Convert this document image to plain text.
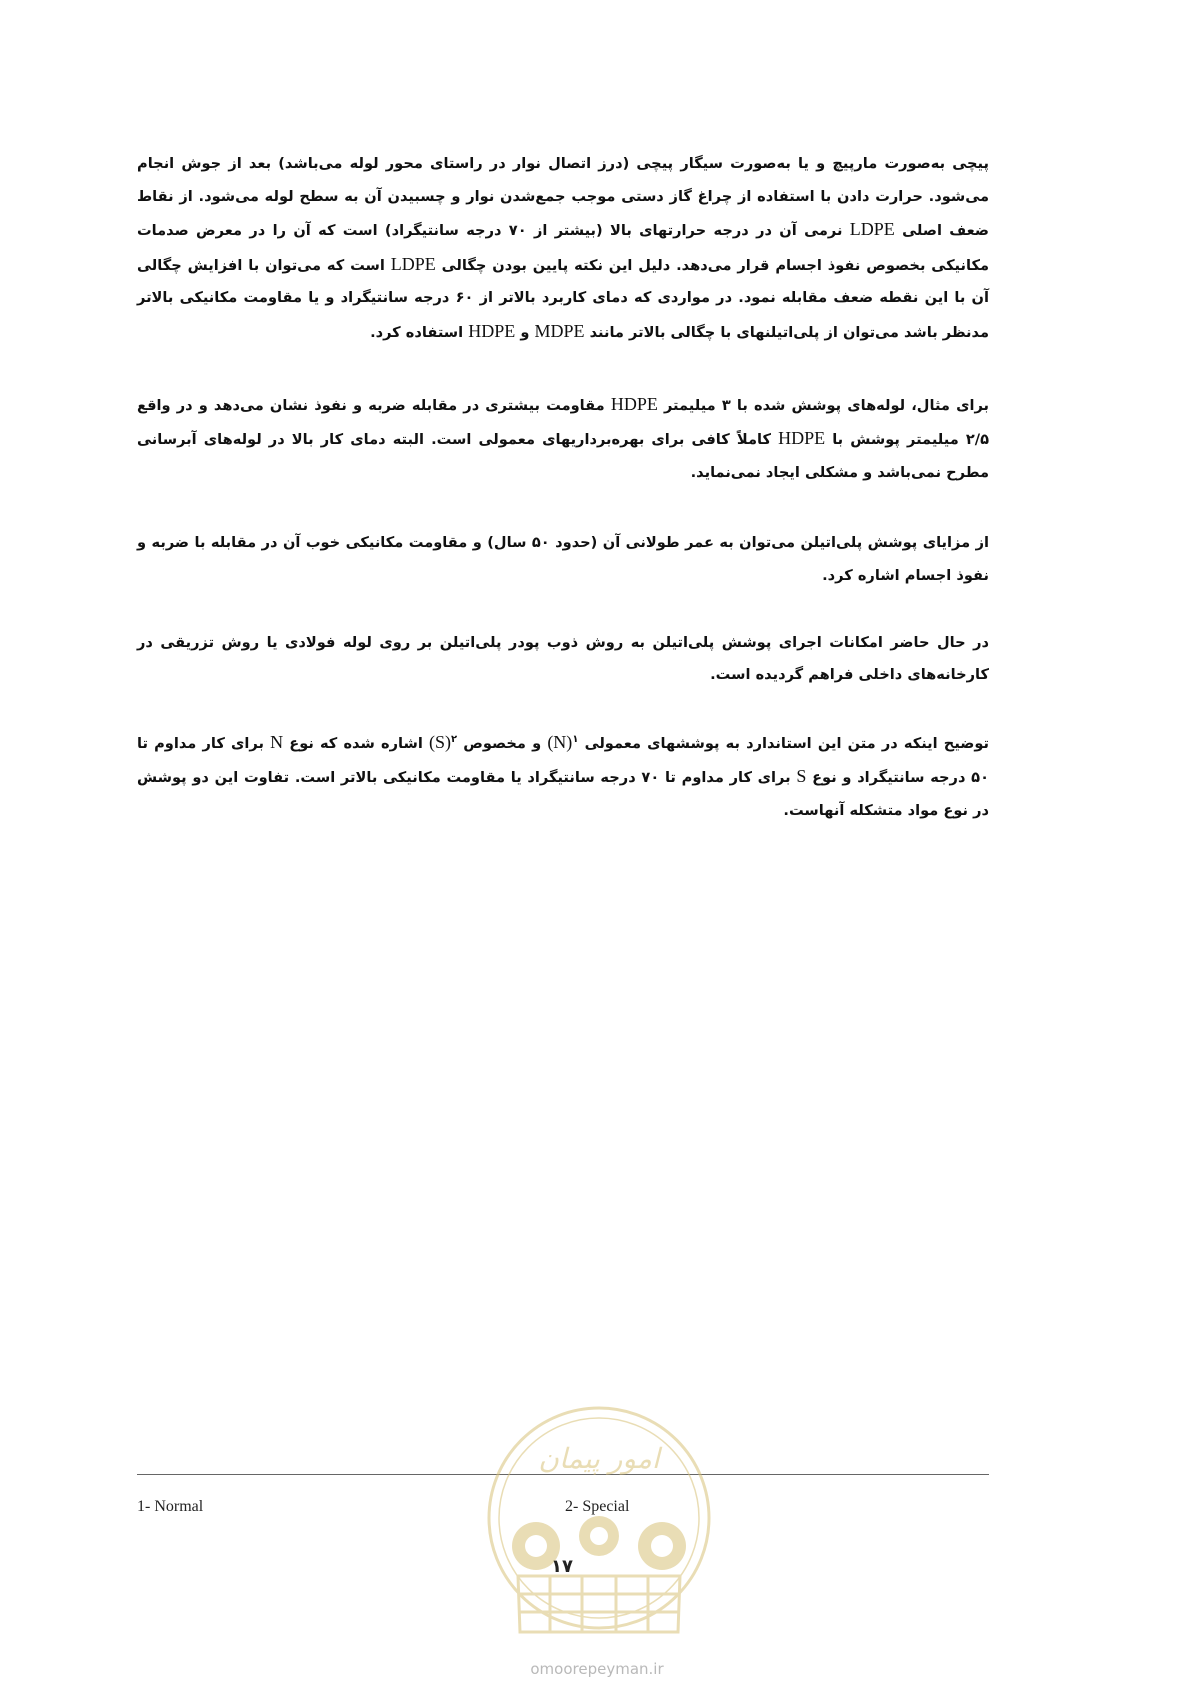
پیچی به‌صورت مارپیچ و یا به‌صورت سیگار پیچی (درز اتصال نوار در راستای محور لوله می‌باشد) بعد از جوش انجام می‌شود. حرارت دادن با استفاده از چراغ گاز دستی موجب جمع‌شدن نوار و چسبیدن آن به سطح لوله می‌شود. از نقاط ضعف اصلی LDPE نرمی آن در درجه حرارتهای بالا (بیشتر از ۷۰ درجه سانتیگراد) است که آن را در معرض صدمات مکانیکی بخصوص نفوذ اجسام قرار می‌دهد. دلیل این نکته پایین بودن چگالی LDPE است که می‌توان با افزایش چگالی آن با این نقطه ضعف مقابله نمود. در مواردی که دمای کاربرد بالاتر از ۶۰ درجه سانتیگراد و یا مقاومت مکانیکی بالاتر مدنظر باشد می‌توان از پلی‌اتیلنهای با چگالی بالاتر مانند MDPE و HDPE استفاده کرد.

برای مثال، لوله‌های پوشش شده با ۳ میلیمتر HDPE مقاومت بیشتری در مقابله ضربه و نفوذ نشان می‌دهد و در واقع ۲/۵ میلیمتر پوشش با HDPE کاملاً کافی برای بهره‌برداریهای معمولی است. البته دمای کار بالا در لوله‌های آبرسانی مطرح نمی‌باشد و مشکلی ایجاد نمی‌نماید.

از مزایای پوشش پلی‌اتیلن می‌توان به عمر طولانی آن (حدود ۵۰ سال) و مقاومت مکانیکی خوب آن در مقابله با ضربه و نفوذ اجسام اشاره کرد.

در حال حاضر امکانات اجرای پوشش پلی‌اتیلن به روش ذوب پودر پلی‌اتیلن بر روی لوله فولادی یا روش تزریقی در کارخانه‌های داخلی فراهم گردیده است.

توضیح اینکه در متن این استاندارد به پوششهای معمولی $(N)^۱$ و مخصوص $(S)^۲$ اشاره شده که نوع N برای کار مداوم تا ۵۰ درجه سانتیگراد و نوع S برای کار مداوم تا ۷۰ درجه سانتیگراد یا مقاومت مکانیکی بالاتر است. تفاوت این دو پوشش در نوع مواد متشکله آنهاست.

1- Normal	2- Special
امور پیمان
۱۷
omoorepeyman.ir
